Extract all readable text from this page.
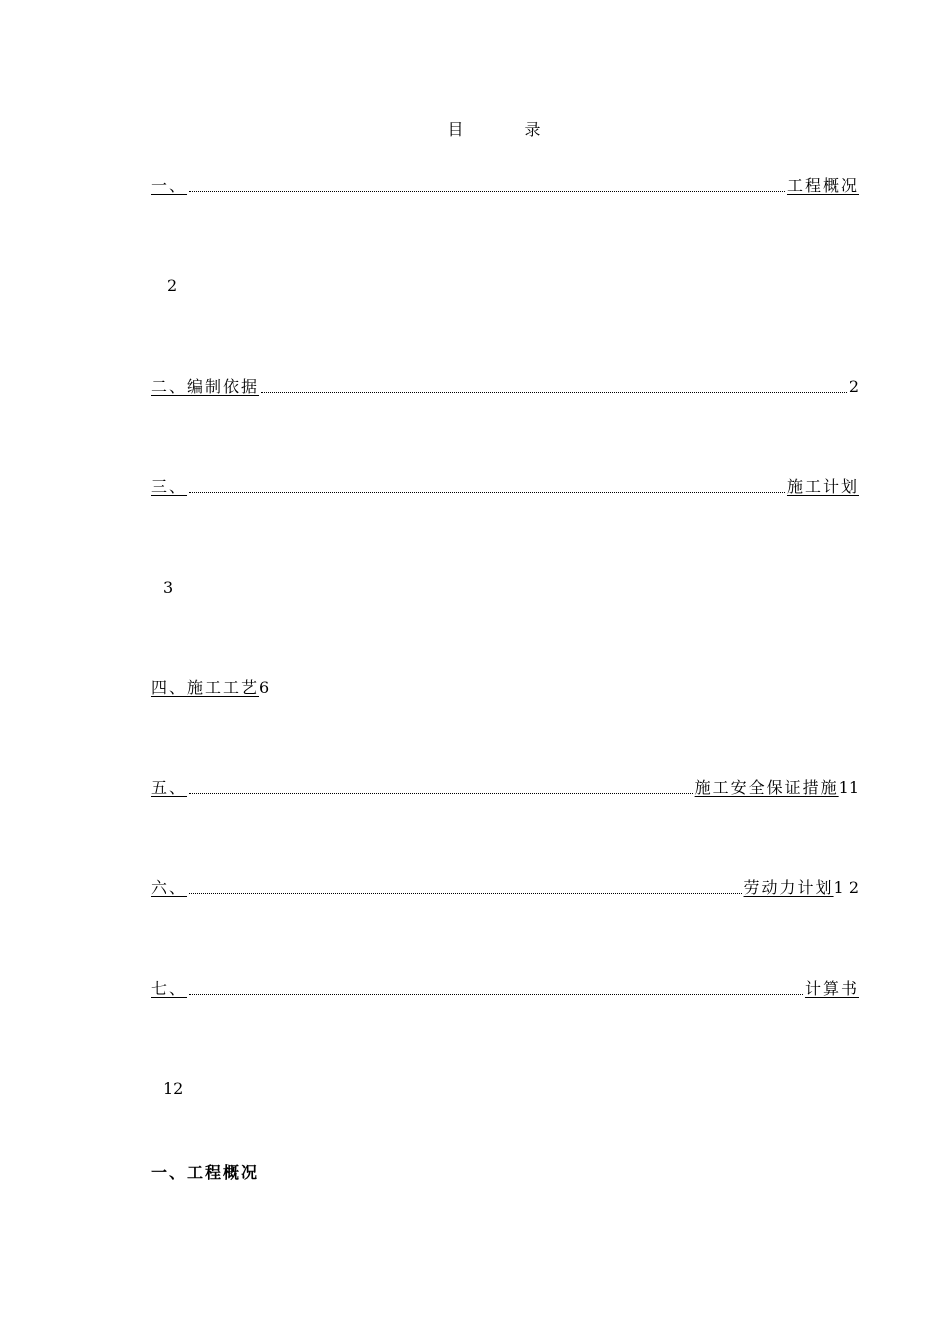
目 录
一、	工程概况
2
二、编制依据	2
三、	施工计划
3
四、施工工艺 6
五、	施工安全保证措施 11
六、	劳动力计划 1 2
七、	计算书
12
一、工程概况
